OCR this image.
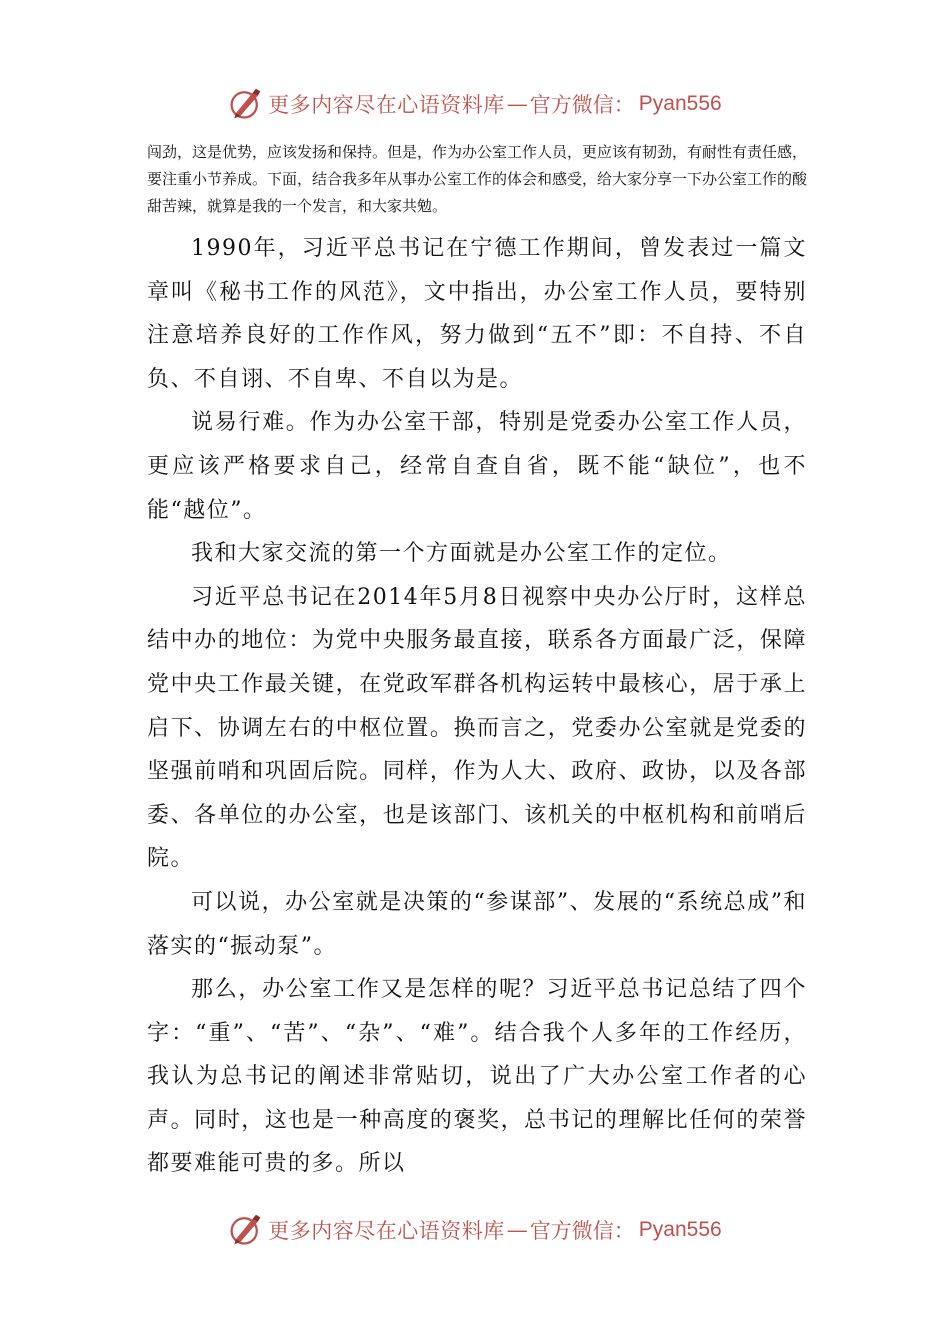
更多内容尽在心语资料库 — 官方微信： Pyan556

闯劲，这是优势，应该发扬和保持。但是，作为办公室工作人员，更应该有韧劲，有耐性有责任感，要注重小节养成。下面，结合我多年从事办公室工作的体会和感受，给大家分享一下办公室工作的酸甜苦辣，就算是我的一个发言，和大家共勉。

1990年，习近平总书记在宁德工作期间，曾发表过一篇文章叫《秘书工作的风范》，文中指出，办公室工作人员，要特别注意培养良好的工作作风，努力做到“五不”即：不自持、不自负、不自诩、不自卑、不自以为是。

说易行难。作为办公室干部，特别是党委办公室工作人员，更应该严格要求自己，经常自查自省，既不能“缺位”，也不能“越位”。

我和大家交流的第一个方面就是办公室工作的定位。

习近平总书记在2014年5月8日视察中央办公厅时，这样总结中办的地位：为党中央服务最直接，联系各方面最广泛，保障党中央工作最关键，在党政军群各机构运转中最核心，居于承上启下、协调左右的中枢位置。换而言之，党委办公室就是党委的坚强前哨和巩固后院。同样，作为人大、政府、政协，以及各部委、各单位的办公室，也是该部门、该机关的中枢机构和前哨后院。

可以说，办公室就是决策的“参谋部”、发展的“系统总成”和落实的“振动泵”。

那么，办公室工作又是怎样的呢？习近平总书记总结了四个字：“重”、“苦”、“杂”、“难”。结合我个人多年的工作经历，我认为总书记的阐述非常贴切，说出了广大办公室工作者的心声。同时，这也是一种高度的褒奖，总书记的理解比任何的荣誉都要难能可贵的多。所以

更多内容尽在心语资料库 — 官方微信： Pyan556
